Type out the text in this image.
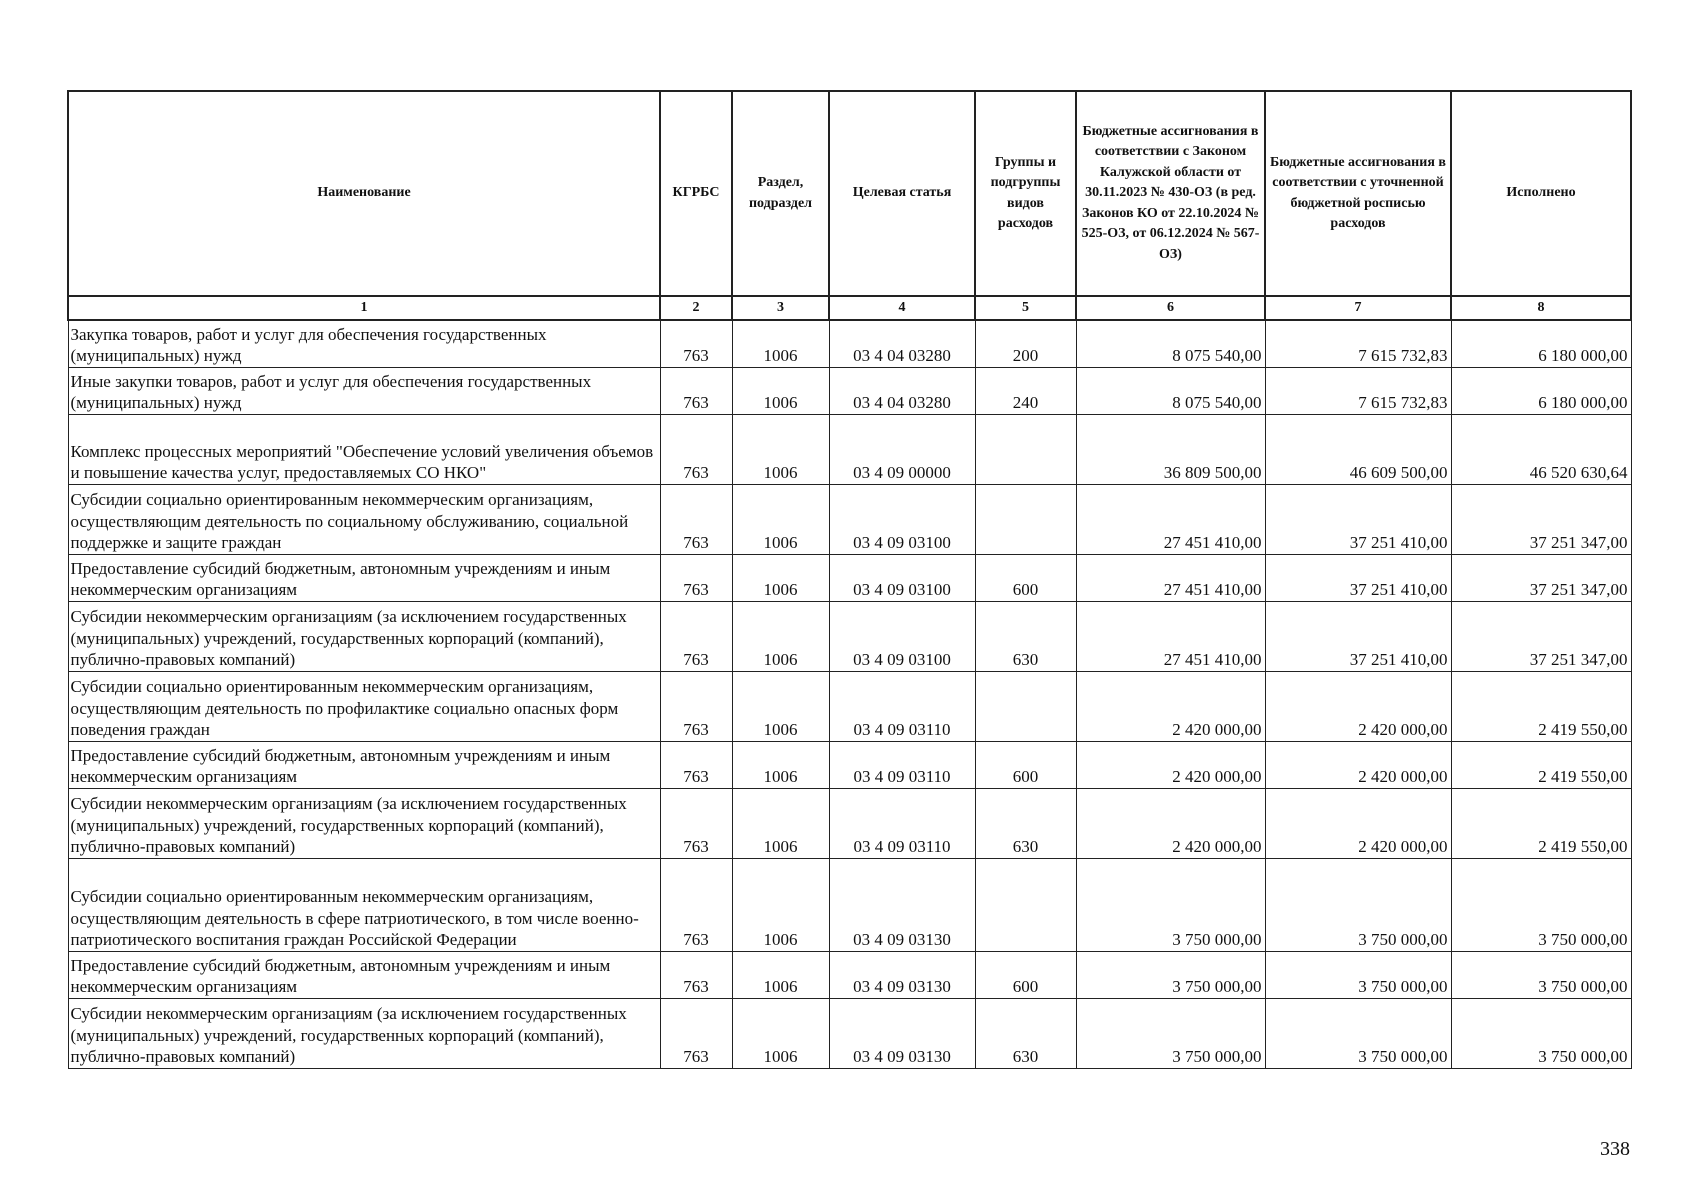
Наименование	КГРБС	Раздел, подраздел	Целевая статья	Группы и подгруппы видов расходов	Бюджетные ассигнования в соответствии с Законом Калужской области от 30.11.2023 № 430-ОЗ (в ред. Законов КО от 22.10.2024 № 525-ОЗ, от 06.12.2024 № 567-ОЗ)	Бюджетные ассигнования в соответствии с уточненной бюджетной росписью расходов	Исполнено
1	2	3	4	5	6	7	8
Закупка товаров, работ и услуг для обеспечения государственных (муниципальных) нужд	763	1006	03 4 04 03280	200	8 075 540,00	7 615 732,83	6 180 000,00
Иные закупки товаров, работ и услуг для обеспечения государственных (муниципальных) нужд	763	1006	03 4 04 03280	240	8 075 540,00	7 615 732,83	6 180 000,00
Комплекс процессных мероприятий "Обеспечение условий увеличения объемов и повышение качества услуг, предоставляемых СО НКО"	763	1006	03 4 09 00000		36 809 500,00	46 609 500,00	46 520 630,64
Субсидии социально ориентированным некоммерческим организациям, осуществляющим деятельность по социальному обслуживанию, социальной поддержке и защите граждан	763	1006	03 4 09 03100		27 451 410,00	37 251 410,00	37 251 347,00
Предоставление субсидий бюджетным, автономным учреждениям и иным некоммерческим организациям	763	1006	03 4 09 03100	600	27 451 410,00	37 251 410,00	37 251 347,00
Субсидии некоммерческим организациям (за исключением государственных (муниципальных) учреждений, государственных корпораций (компаний), публично-правовых компаний)	763	1006	03 4 09 03100	630	27 451 410,00	37 251 410,00	37 251 347,00
Субсидии социально ориентированным некоммерческим организациям, осуществляющим деятельность по профилактике социально опасных форм поведения граждан	763	1006	03 4 09 03110		2 420 000,00	2 420 000,00	2 419 550,00
Предоставление субсидий бюджетным, автономным учреждениям и иным некоммерческим организациям	763	1006	03 4 09 03110	600	2 420 000,00	2 420 000,00	2 419 550,00
Субсидии некоммерческим организациям (за исключением государственных (муниципальных) учреждений, государственных корпораций (компаний), публично-правовых компаний)	763	1006	03 4 09 03110	630	2 420 000,00	2 420 000,00	2 419 550,00
Субсидии социально ориентированным некоммерческим организациям, осуществляющим деятельность в сфере патриотического, в том числе военно-патриотического воспитания граждан Российской Федерации	763	1006	03 4 09 03130		3 750 000,00	3 750 000,00	3 750 000,00
Предоставление субсидий бюджетным, автономным учреждениям и иным некоммерческим организациям	763	1006	03 4 09 03130	600	3 750 000,00	3 750 000,00	3 750 000,00
Субсидии некоммерческим организациям (за исключением государственных (муниципальных) учреждений, государственных корпораций (компаний), публично-правовых компаний)	763	1006	03 4 09 03130	630	3 750 000,00	3 750 000,00	3 750 000,00
338
